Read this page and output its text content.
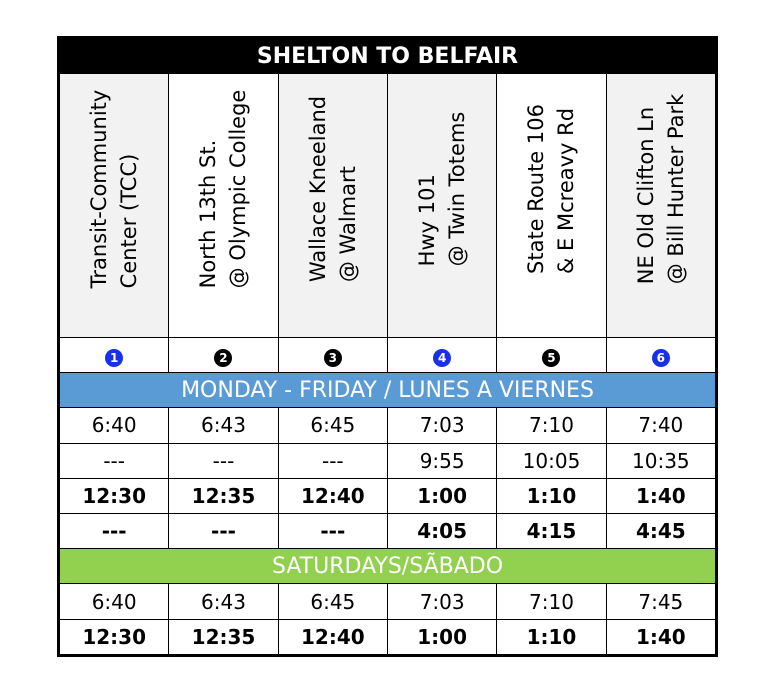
SHELTON TO BELFAIR					

Transit-Community Center (TCC)	North 13th St. @ Olympic College	Wallace Kneeland @ Walmart	Hwy 101 @ Twin Totems	State Route 106 & E Mcreavy Rd	NE Old Clifton Ln @ Bill Hunter Park

1	2	3	4	5	6
MONDAY - FRIDAY / LUNES A VIERNES					
6:40	6:43	6:45	7:03	7:10	7:40
---	---	---	9:55	10:05	10:35
12:30	12:35	12:40	1:00	1:10	1:40
---	---	---	4:05	4:15	4:45
SATURDAYS/SÃBADO					
6:40	6:43	6:45	7:03	7:10	7:45
12:30	12:35	12:40	1:00	1:10	1:40
